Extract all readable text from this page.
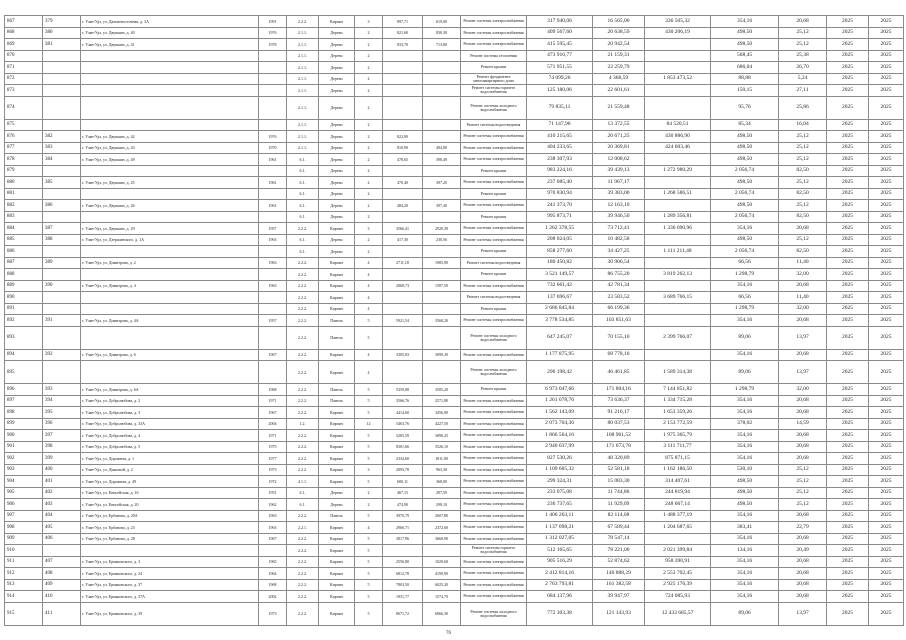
867	379	г. Улан-Удэ, ул. Дальневосточная, д. 3А	1991	2.2.2.	Кирпич	3	897,71	619,00	Ремонт системы электроснабжения	317 940,06	16 565,06	336 505,32	354,16	20,68	2025	2025
868	380	г. Улан-Удэ, ул. Двушкин, д. 40	1976	2.1.1.	Дерево	2	821,60	830,30	Ремонт системы электроснабжения	409 567,60	20 638,59	430 206,19	498,50	25,12	2025	2025
869	381	г. Улан-Удэ, ул. Двушкин, д. 41	1978	2.1.1.	Дерево	2	833,70	713,80	Ремонт системы электроснабжения	415 595,45	20 942,54		498,50	25,12	2025	2025
870				2.1.1.	Дерево	2			Ремонт системы отопления	473 916,77	21 159,31		568,45	25,38	2025	2025
871				2.1.1.	Дерево	2			Ремонт крыши	571 951,55	22 259,79		686,04	26,70	2025	2025
872				2.1.1.	Дерево	2			Ремонт фундамента многоквартирного дома	74 099,26	4 368,59	1 853 473,52	88,88	5,24	2025	2025
873				2.1.1.	Дерево	2			Ремонт системы горячего водоснабжения	125 180,06	22 601,61		150,15	27,11	2025	2025
874				2.1.1.	Дерево	2			Ремонт системы холодного водоснабжения	79 835,11	21 559,48		95,76	25,86	2025	2025
875				2.1.1.	Дерево	2			Ремонт системы водоотведения	71 147,96	13 372,55	84 520,51	85,34	16,04	2025	2025
876	382	г. Улан-Удэ, ул. Двушкин, д. 42	1976	2.1.1.	Дерево	2	822,90		Ремонт системы электроснабжения	410 215,65	20 671,25	430 886,90	498,50	25,12	2025	2025
877	383	г. Улан-Удэ, ул. Двушкин, д. 43	1970	2.1.1.	Дерево	2	810,90	494,80	Ремонт системы электроснабжения	404 233,65	20 369,81	424 603,46	498,50	25,12	2025	2025
878	384	г. Улан-Удэ, ул. Двушкин, д. 49	1961	6.1.	Дерево	2	478,65	398,49	Ремонт системы электроснабжения	238 307,93	12 008,62		498,50	25,12	2025	2025
879				6.1.	Дерево	2			Ремонт крыши	983 224,16	39 439,13	1 272 980,29	2 056,74	82,50	2025	2025
880	385	г. Улан-Удэ, ул. Двушкин, д. 25	1961	6.1.	Дерево	2	470,40	397,20	Ремонт системы электроснабжения	237 085,40	11 967,17		498,50	25,12	2025	2025
881				6.1.	Дерево	2			Ремонт крыши	970 830,94	39 383,00	1 268 586,51	2 056,74	82,50	2025	2025
882	386	г. Улан-Удэ, ул. Двушкин, д. 26	1961	6.1.	Дерево	2	484,20	397,40	Ремонт системы электроснабжения	241 373,70	12 163,10		498,50	25,12	2025	2025
883				6.1.	Дерево	2			Ремонт крыши	995 873,71	39 946,50	1 289 356,81	2 056,74	82,50	2025	2025
884	387	г. Улан-Удэ, ул. Двушкин, д. 29	1957	2.2.2.	Кирпич	3	3566,41	2920,39	Ремонт системы электроснабжения	1 262 378,55	73 712,41	1 336 090,96	354,16	20,68	2025	2025
885	388	г. Улан-Удэ, ул. Дзержинского, д. 1А	1963	6.1.	Дерево	2	417,30	230,56	Ремонт системы электроснабжения	208 024,05	10 482,58		498,50	25,12	2025	2025
886				6.1.	Дерево	2			Ремонт крыши	858 277,60	34 427,25	1 111 211,48	2 056,74	82,50	2025	2025
887	389	г. Улан-Удэ, ул. Димитрова, д. 2	1963	2.2.2.	Кирпич	4	2711,18	1985,90	Ремонт системы водоотведения	180 450,82	30 906,54		66,56	11,40	2025	2025
888				2.2.2.	Кирпич	4			Ремонт крыши	3 521 149,57	86 755,20	3 819 262,13	1 298,79	32,00	2025	2025
889	390	г. Улан-Удэ, ул. Димитрова, д. 4	1963	2.2.2.	Кирпич	4	2068,73	1587,50	Ремонт системы электроснабжения	732 661,42	42 781,34		354,16	20,68	2025	2025
890				2.2.2.	Кирпич	4			Ремонт системы водоотведения	137 696,67	23 583,52	3 689 766,15	66,56	11,40	2025	2025
891				2.2.2.	Кирпич	4			Ремонт крыши	2 686 845,84	66 199,36		1 298,79	32,00	2025	2025
892	391	г. Улан-Удэ, ул. Димитрова, д. 4А	1957	2.2.2.	Панель	5	5921,54	3568,20	Ремонт системы электроснабжения	3 778 534,85	103 851,63		354,16	20,68	2025	2025
893				2.2.2.	Панель	5			Ремонт системы холодного водоснабжения	647 245,07	70 155,10	2 399 766,07	89,06	13,97	2025	2025
894	392	г. Улан-Удэ, ул. Димитрова, д. 6	1967	2.2.2.	Кирпич	4	3305,83	3090,30	Ремонт системы электроснабжения	1 177 875,95	68 778,16		354,16	20,68	2025	2025
895				2.2.2.	Кирпич	4			Ремонт системы холодного водоснабжения	296 198,42	46 461,85	1 589 314,38	89,06	13,97	2025	2025
896	393	г. Улан-Удэ, ул. Димитрова, д. 6А	1968	2.2.2.	Панель	5	5359,08	3505,20	Ремонт крыши	6 973 047,66	171 804,16	7 144 851,82	1 298,79	32,00	2025	2025
897	394	г. Улан-Удэ, ул. Добролюбова, д. 2	1971	2.2.2.	Панель	5	3566,76	2571,80	Ремонт системы электроснабжения	1 261 078,76	73 636,37	1 334 715,28	354,16	20,68	2025	2025
898	395	г. Улан-Удэ, ул. Добролюбова, д. 3	1967	2.2.2.	Кирпич	5	4414,60	3456,90	Ремонт системы электроснабжения	1 562 143,09	91 216,17	1 653 359,26	354,16	20,68	2025	2025
899	396	г. Улан-Удэ, ул. Добролюбова, д. 33А	2004	1.2.	Кирпич	12	5463,76	4227,50	Ремонт системы электроснабжения	2 073 704,36	80 037,53	2 153 772,59	378,02	14,59	2025	2025
900	397	г. Улан-Удэ, ул. Добролюбова, д. 4	1971	2.2.2.	Кирпич	5	5265,59	3890,25	Ремонт системы электроснабжения	1 866 564,16	108 961,52	1 975 365,79	354,16	20,68	2025	2025
901	398	г. Улан-Удэ, ул. Добролюбова, д. 5	1975	2.2.2.	Кирпич	5	8301,66	5526,10	Ремонт системы электроснабжения	2 940 037,99	171 673,78	3 111 711,77	354,16	20,68	2025	2025
902	399	г. Улан-Удэ, ул. Дорожная, д. 1	1977	2.2.2.	Кирпич	5	2334,60	1811,00	Ремонт системы электроснабжения	827 530,26	48 320,89	875 871,15	354,16	20,68	2025	2025
903	400	г. Улан-Удэ, ул. Дьяковой, д. 2	1973	2.2.2.	Кирпич	3	2093,78	963,30	Ремонт системы электроснабжения	1 109 605,32	52 581,18	1 162 186,50	530,10	25,12	2025	2025
904	401	г. Улан-Удэ, ул. Дорожная, д. 49	1972	4.1.1.	Кирпич	5	600,11	368,00	Ремонт системы электроснабжения	299 324,31	15 083,30	314 407,61	498,50	25,12	2025	2025
905	402	г. Улан-Удэ, ул. Енисейская, д. 16	1951	6.1.	Дерево	2	467,15	297,59	Ремонт системы электроснабжения	233 075,08	11 744,86	244 819,94	498,50	25,12	2025	2025
906	403	г. Улан-Удэ, ул. Енисейская, д. 20	1962	6.1.	Дерево	2	474,90	298,10	Ремонт системы электроснабжения	236 737,65	11 929,09	248 667,14	498,50	25,12	2025	2025
907	404	г. Улан-Удэ, ул. Ербанова, д. 20А	1963	2.2.2.	Панель	5	3970,79	2607,80	Ремонт системы электроснабжения	1 406 263,11	82 114,08	1 488 377,19	354,16	20,68	2025	2025
908	405	г. Улан-Удэ, ул. Ербанова, д. 23	1963	2.2.1.	Кирпич	4	2966,71	2372,60	Ремонт системы электроснабжения	1 137 098,21	67 589,44	1 204 687,65	383,41	22,79	2025	2025
909	406	г. Улан-Удэ, ул. Ербанова, д. 28	1967	2.2.2.	Кирпич	5	3817,96	3660,90	Ремонт системы электроснабжения	1 312 027,05	78 547,14		354,16	20,68	2025	2025
910				2.2.2.	Кирпич	5			Ремонт системы горячего водоснабжения	512 165,65	78 221,00	2 021 399,84	134,16	20,49	2025	2025
911	407	г. Улан-Удэ, ул. Ермаковского, д. 3	1965	2.2.2.	Кирпич	5	2556,80	1020,60	Ремонт системы электроснабжения	905 516,29	52 874,62	958 390,91	354,16	20,68	2025	2025
912	408	г. Улан-Удэ, ул. Ермаковского, д. 24	1964	2.2.2.	Кирпич	5	6812,78	4199,90	Ремонт системы электроснабжения	2 412 814,16	140 888,29	2 553 702,45	354,16	20,68	2025	2025
913	409	г. Улан-Удэ, ул. Ермаковского, д. 37	1968	2.2.2.	Кирпич	5	7803,50	6025,20	Ремонт системы электроснабжения	2 763 793,81	161 382,58	2 925 176,39	354,16	20,68	2025	2025
914	410	г. Улан-Удэ, ул. Ермаковского, д. 37А	2002	2.2.2.	Кирпич	5	1931,77	1574,70	Ремонт системы электроснабжения	684 137,96	39 947,97	724 085,93	354,16	20,68	2025	2025
915	411	г. Улан-Удэ, ул. Ермаковского, д. 39	1973	2.2.2.	Кирпич	5	8671,72	6866,30	Ремонт системы холодного водоснабжения	772 303,38	121 143,93	12 433 685,57	89,06	13,97	2025	2025
76
